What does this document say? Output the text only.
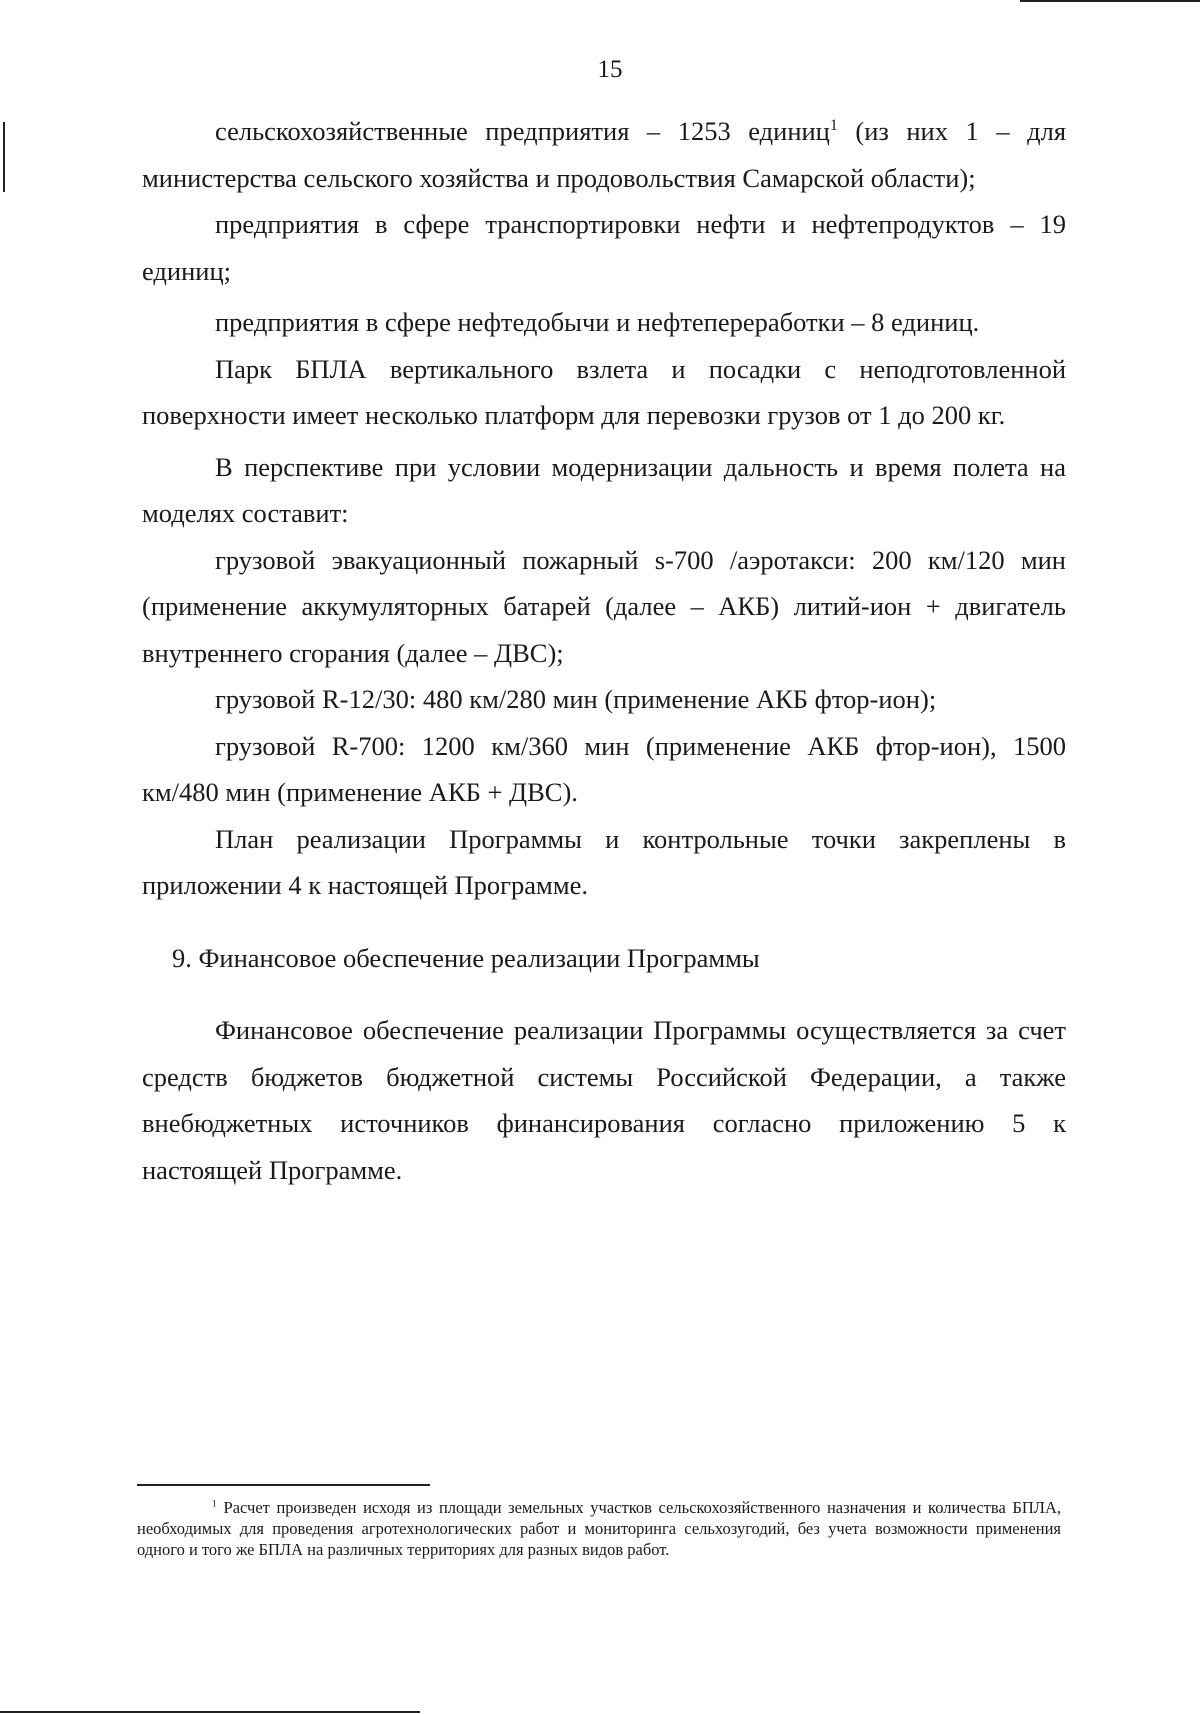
15

сельскохозяйственные предприятия – 1253 единиц$^1$ (из них 1 – для министерства сельского хозяйства и продовольствия Самарской области);

предприятия в сфере транспортировки нефти и нефтепродуктов – 19 единиц;

предприятия в сфере нефтедобычи и нефтепереработки – 8 единиц.

Парк БПЛА вертикального взлета и посадки с неподготовленной поверхности имеет несколько платформ для перевозки грузов от 1 до 200 кг.

В перспективе при условии модернизации дальность и время полета на моделях составит:

грузовой эвакуационный пожарный s-700 /аэротакси: 200 км/120 мин (применение аккумуляторных батарей (далее – АКБ) литий-ион + двигатель внутреннего сгорания (далее – ДВС);

грузовой R-12/30: 480 км/280 мин (применение АКБ фтор-ион);

грузовой R-700: 1200 км/360 мин (применение АКБ фтор-ион), 1500 км/480 мин (применение АКБ + ДВС).

План реализации Программы и контрольные точки закреплены в приложении 4 к настоящей Программе.

9. Финансовое обеспечение реализации Программы

Финансовое обеспечение реализации Программы осуществляется за счет средств бюджетов бюджетной системы Российской Федерации, а также внебюджетных источников финансирования согласно приложению 5 к настоящей Программе.

$^1$ Расчет произведен исходя из площади земельных участков сельскохозяйственного назначения и количества БПЛА, необходимых для проведения агротехнологических работ и мониторинга сельхозугодий, без учета возможности применения одного и того же БПЛА на различных территориях для разных видов работ.
